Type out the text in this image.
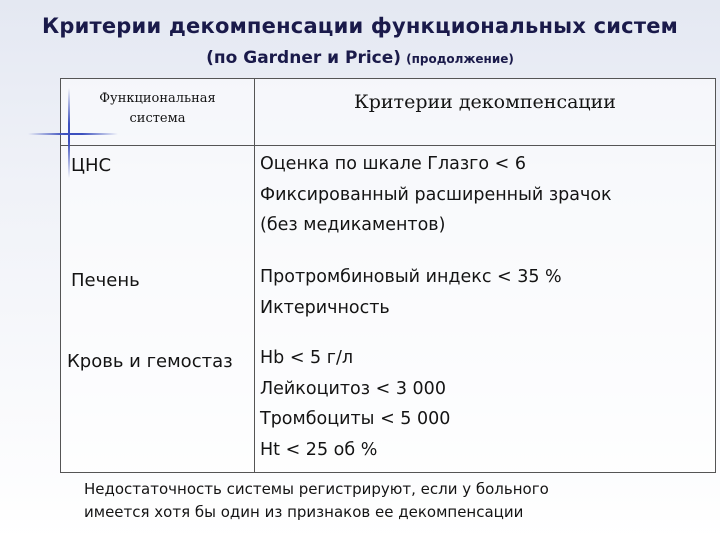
Критерии декомпенсации функциональных систем
(по Gardner и Price) (продолжение)
Функциональная
система
Критерии декомпенсации
ЦНС	Оценка по шкале Глазго < 6
Фиксированный расширенный зрачок
(без медикаментов)
Печень	Протромбиновый индекс < 35 %
Иктеричность
Кровь и гемостаз Hb < 5 г/л
Лейкоцитоз < 3 000
Тромбоциты < 5 000
Ht < 25 об %
Недостаточность системы регистрируют, если у больного
имеется хотя бы один из признаков ее декомпенсации
